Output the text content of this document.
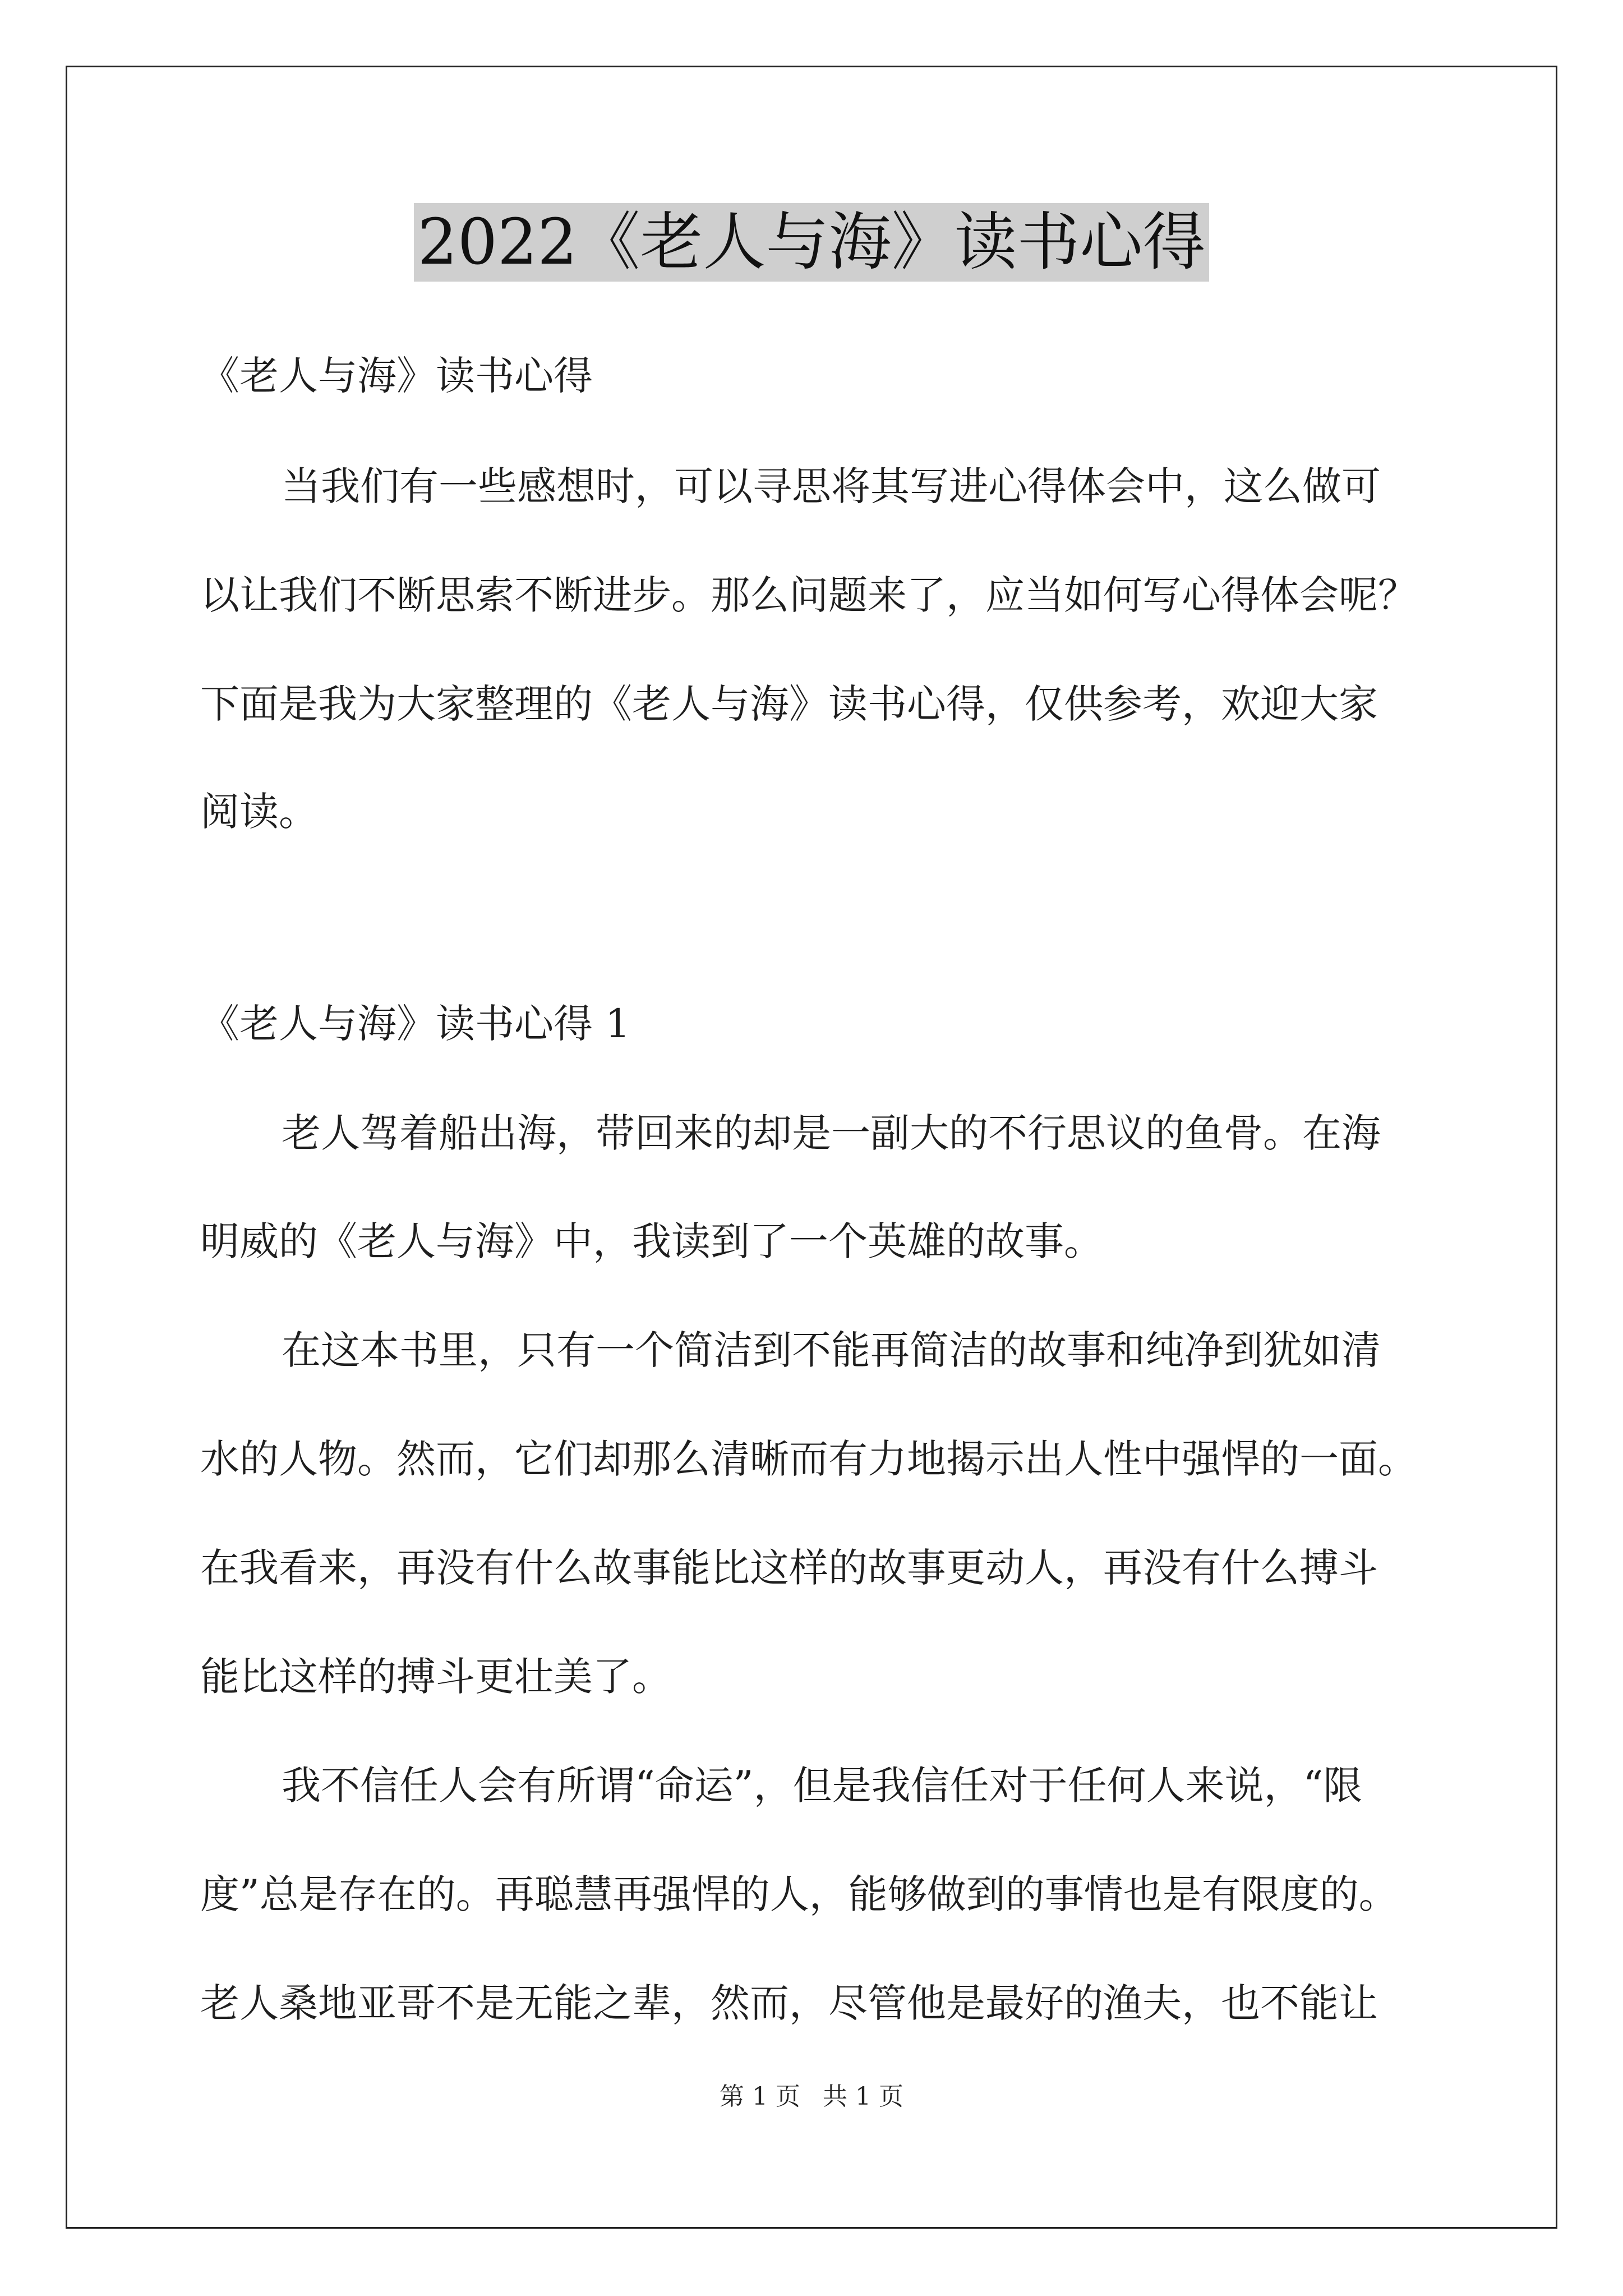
2022《老人与海》读书心得
《老人与海》读书心得
当我们有一些感想时，可以寻思将其写进心得体会中，这么做可
以让我们不断思索不断进步。那么问题来了，应当如何写心得体会呢？
下面是我为大家整理的《老人与海》读书心得，仅供参考，欢迎大家
阅读。
《老人与海》读书心得 1
老人驾着船出海，带回来的却是一副大的不行思议的鱼骨。在海
明威的《老人与海》中，我读到了一个英雄的故事。
在这本书里，只有一个简洁到不能再简洁的故事和纯净到犹如清
水的人物。然而，它们却那么清晰而有力地揭示出人性中强悍的一面。
在我看来，再没有什么故事能比这样的故事更动人，再没有什么搏斗
能比这样的搏斗更壮美了。
我不信任人会有所谓“命运”，但是我信任对于任何人来说，“限
度”总是存在的。再聪慧再强悍的人，能够做到的事情也是有限度的。
老人桑地亚哥不是无能之辈，然而，尽管他是最好的渔夫，也不能让
第 1 页 共 1 页
